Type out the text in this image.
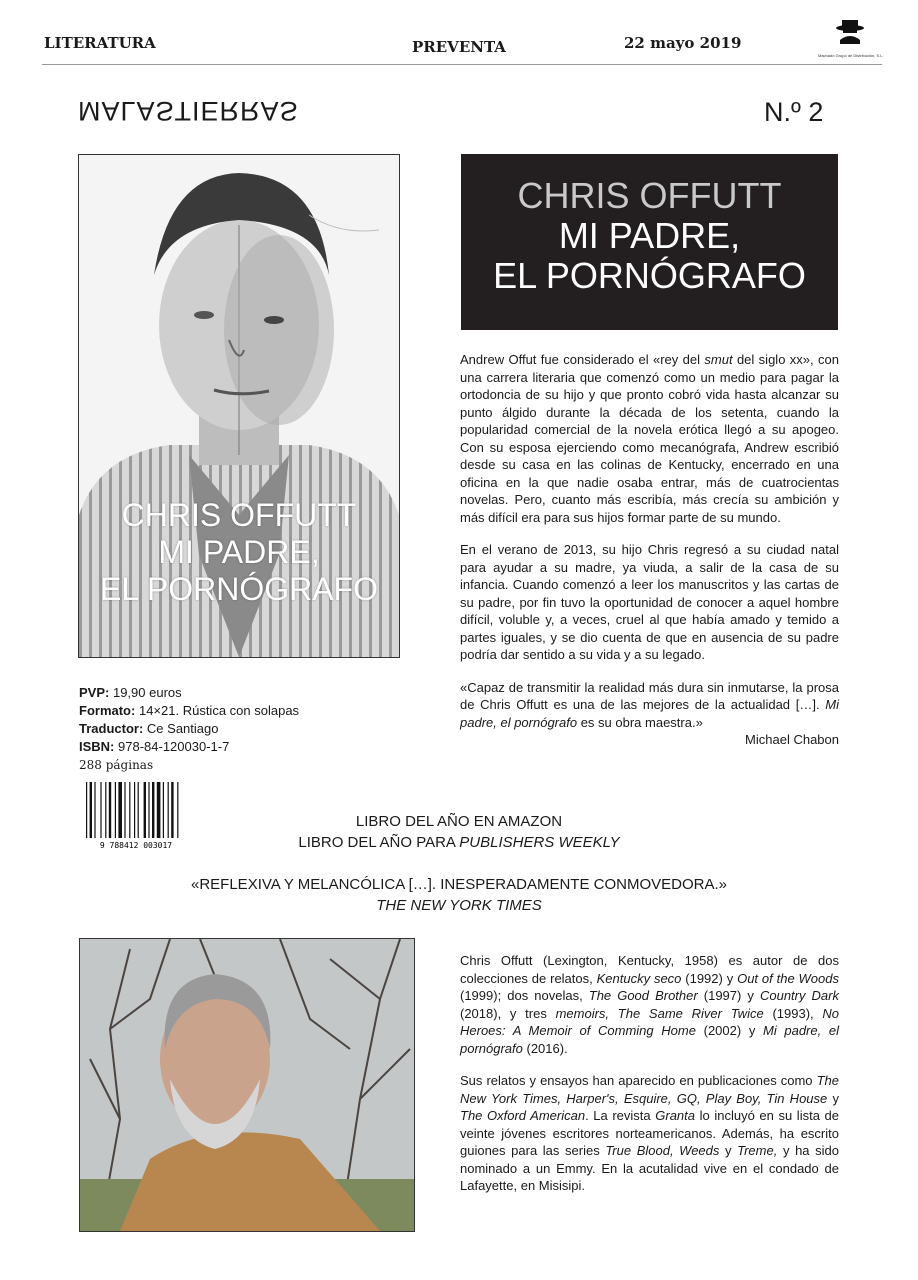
LITERATURA	PREVENTA	22 mayo 2019
Machado Grupo de Distribución, S.L.
MALASTIERRAS	N.º 2
CHRIS OFFUTT
MI PADRE,
EL PORNÓGRAFO
CHRIS OFFUTT
MI PADRE,
EL PORNÓGRAFO

Andrew Offut fue considerado el «rey del smut del siglo xx», con una carrera literaria que comenzó como un medio para pagar la ortodoncia de su hijo y que pronto cobró vida hasta alcanzar su punto álgido durante la década de los setenta, cuando la popularidad comercial de la novela erótica llegó a su apogeo. Con su esposa ejerciendo como mecanógrafa, Andrew escribió desde su casa en las colinas de Kentucky, encerrado en una oficina en la que nadie osaba entrar, más de cuatrocientas novelas. Pero, cuanto más escribía, más crecía su ambición y más difícil era para sus hijos formar parte de su mundo.

En el verano de 2013, su hijo Chris regresó a su ciudad natal para ayudar a su madre, ya viuda, a salir de la casa de su infancia. Cuando comenzó a leer los manuscritos y las cartas de su padre, por fin tuvo la oportunidad de conocer a aquel hombre difícil, voluble y, a veces, cruel al que había amado y temido a partes iguales, y se dio cuenta de que en ausencia de su padre podría dar sentido a su vida y a su legado.

«Capaz de transmitir la realidad más dura sin inmutarse, la prosa de Chris Offutt es una de las mejores de la actualidad […]. Mi padre, el pornógrafo es su obra maestra.»

Michael Chabon
PVP: 19,90 euros
Formato: 14×21. Rústica con solapas
Traductor: Ce Santiago
ISBN: 978-84-120030-1-7
288 páginas
9 788412 003017
LIBRO DEL AÑO EN AMAZON
LIBRO DEL AÑO PARA PUBLISHERS WEEKLY
«REFLEXIVA Y MELANCÓLICA […]. INESPERADAMENTE CONMOVEDORA.»
THE NEW YORK TIMES

Chris Offutt (Lexington, Kentucky, 1958) es autor de dos colecciones de relatos, Kentucky seco (1992) y Out of the Woods (1999); dos novelas, The Good Brother (1997) y Country Dark (2018), y tres memoirs, The Same River Twice (1993), No Heroes: A Memoir of Comming Home (2002) y Mi padre, el pornógrafo (2016).

Sus relatos y ensayos han aparecido en publicaciones como The New York Times, Harper's, Esquire, GQ, Play Boy, Tin House y The Oxford American. La revista Granta lo incluyó en su lista de veinte jóvenes escritores norteamericanos. Además, ha escrito guiones para las series True Blood, Weeds y Treme, y ha sido nominado a un Emmy. En la acutalidad vive en el condado de Lafayette, en Misisipi.
